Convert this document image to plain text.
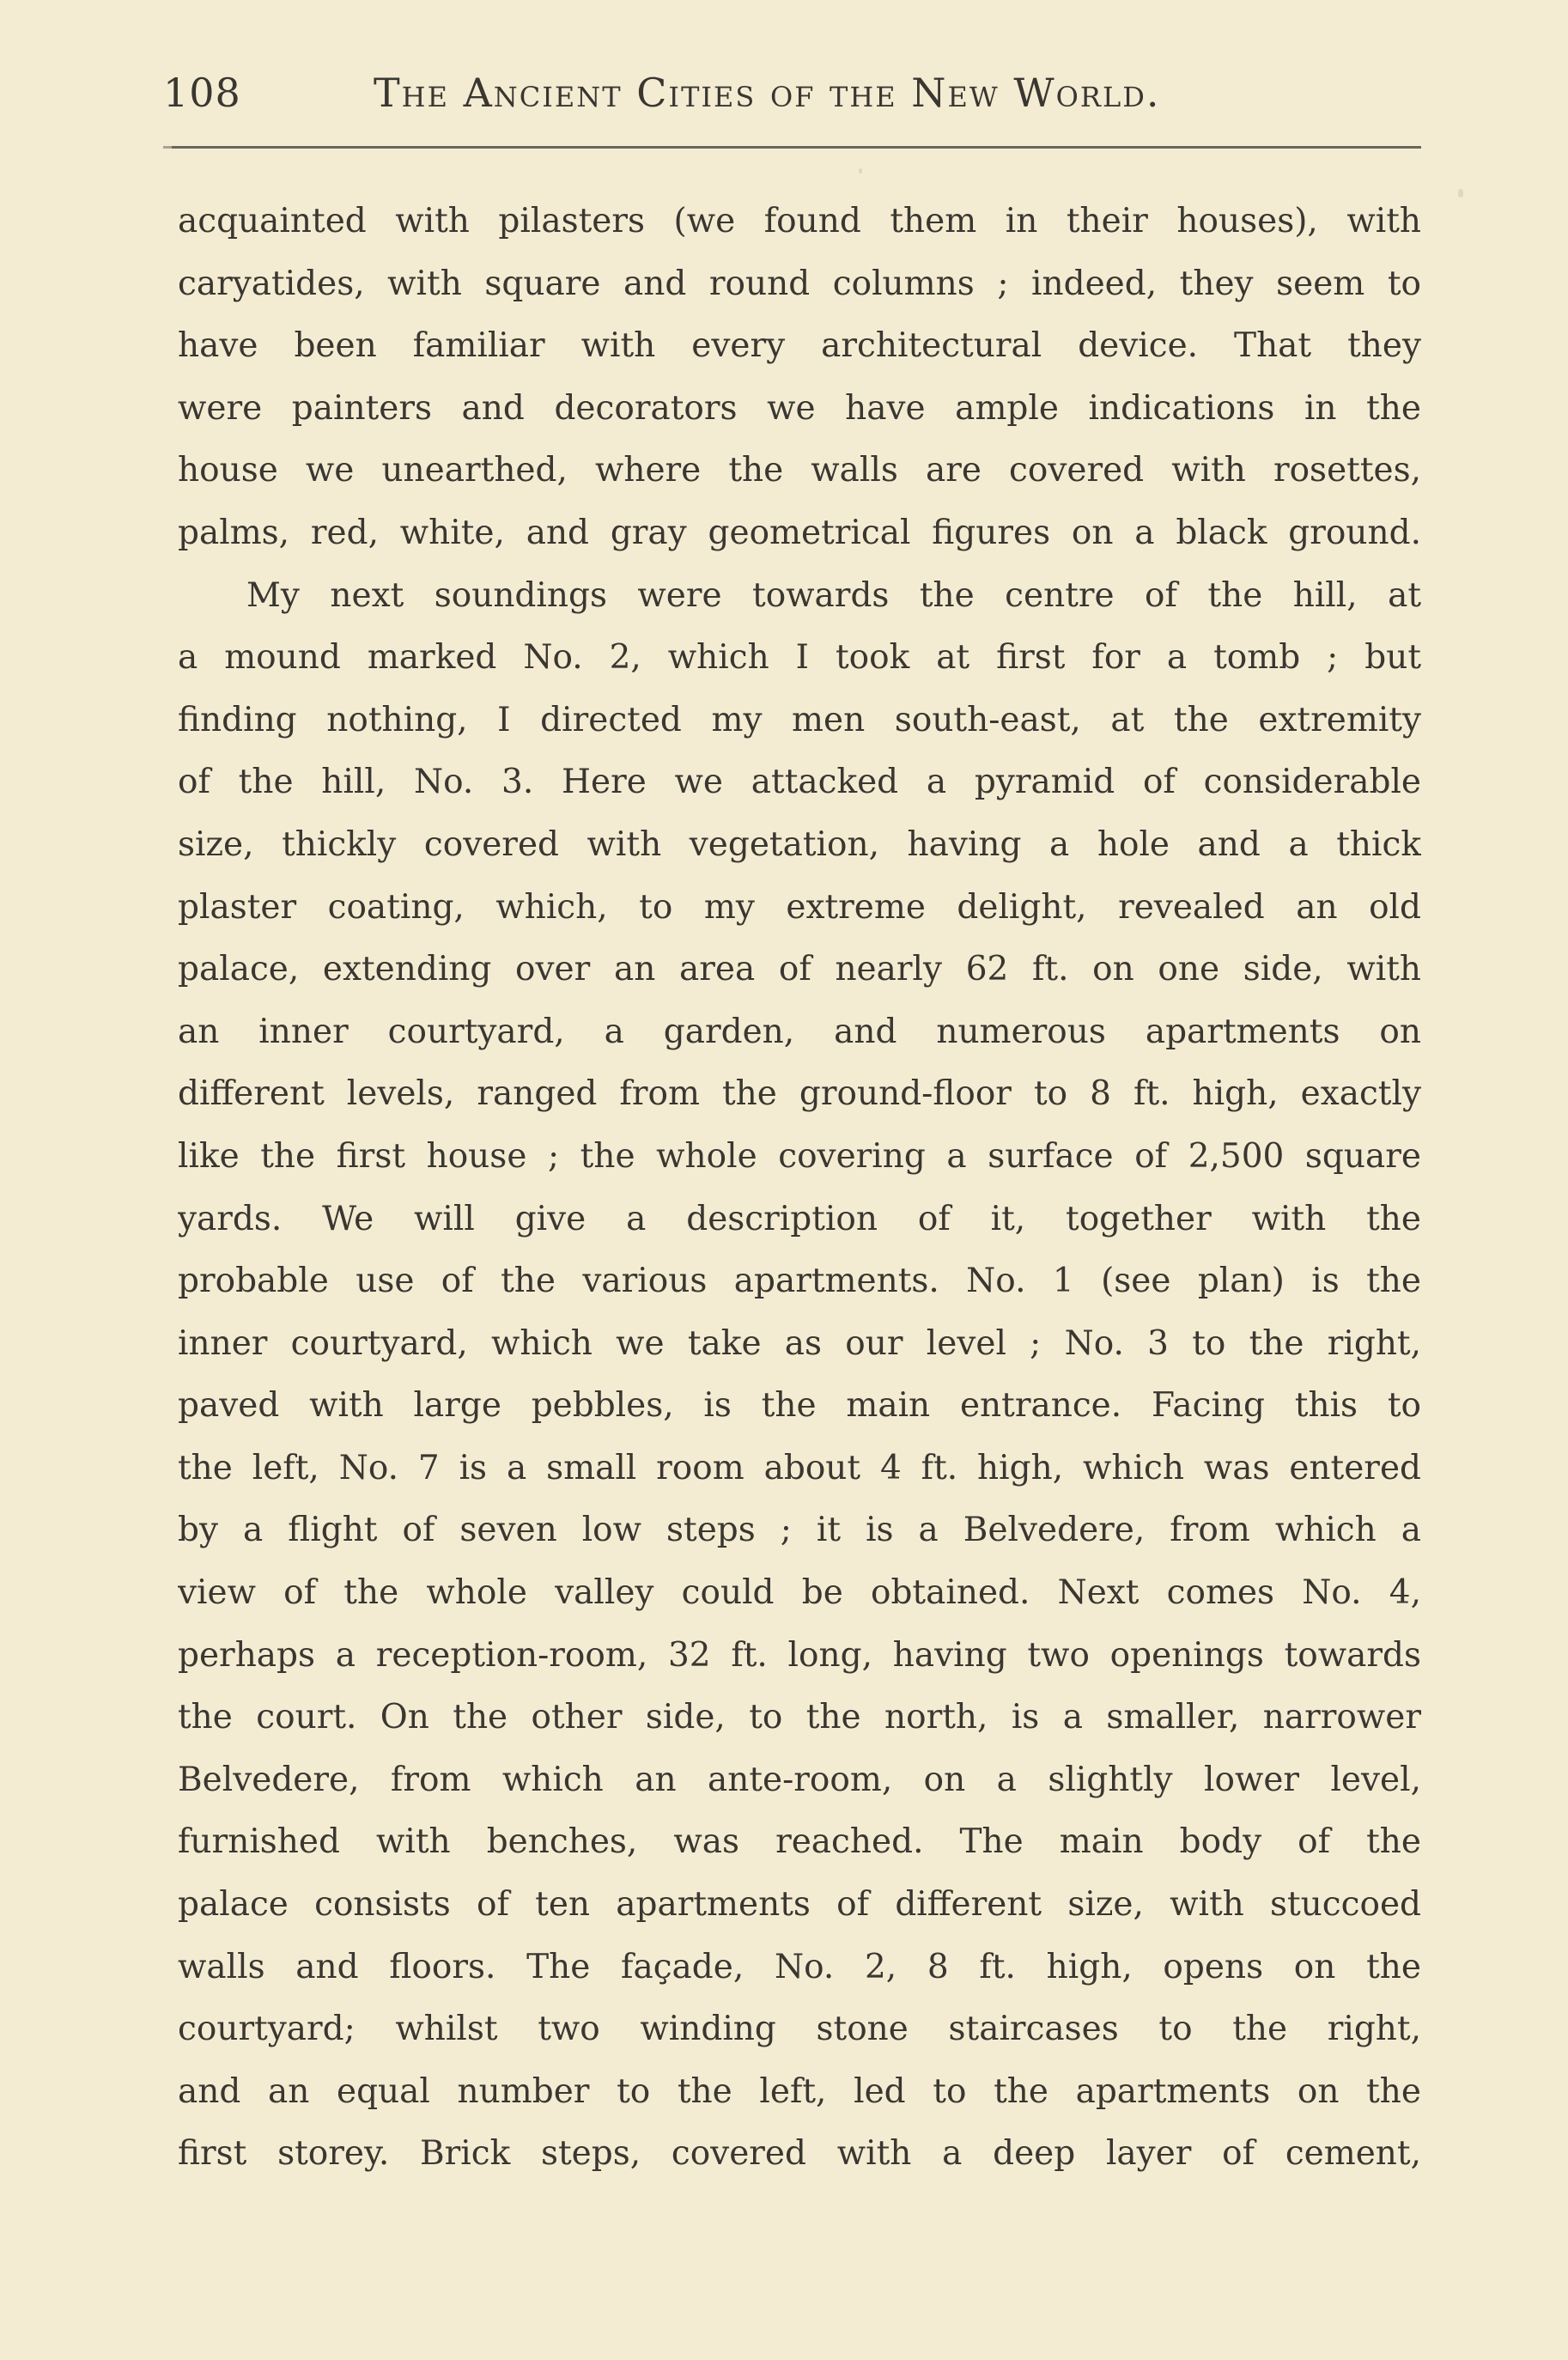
108	The Ancient Cities of the New World.
acquainted with pilasters (we found them in their houses), with
caryatides, with square and round columns ; indeed, they seem to
have been familiar with every architectural device. That they
were painters and decorators we have ample indications in the
house we unearthed, where the walls are covered with rosettes,
palms, red, white, and gray geometrical figures on a black ground.
My next soundings were towards the centre of the hill, at
a mound marked No. 2, which I took at first for a tomb ; but
finding nothing, I directed my men south-east, at the extremity
of the hill, No. 3. Here we attacked a pyramid of considerable
size, thickly covered with vegetation, having a hole and a thick
plaster coating, which, to my extreme delight, revealed an old
palace, extending over an area of nearly 62 ft. on one side, with
an inner courtyard, a garden, and numerous apartments on
different levels, ranged from the ground-floor to 8 ft. high, exactly
like the first house ; the whole covering a surface of 2,500 square
yards. We will give a description of it, together with the
probable use of the various apartments. No. 1 (see plan) is the
inner courtyard, which we take as our level ; No. 3 to the right,
paved with large pebbles, is the main entrance. Facing this to
the left, No. 7 is a small room about 4 ft. high, which was entered
by a flight of seven low steps ; it is a Belvedere, from which a
view of the whole valley could be obtained. Next comes No. 4,
perhaps a reception-room, 32 ft. long, having two openings towards
the court. On the other side, to the north, is a smaller, narrower
Belvedere, from which an ante-room, on a slightly lower level,
furnished with benches, was reached. The main body of the
palace consists of ten apartments of different size, with stuccoed
walls and floors. The façade, No. 2, 8 ft. high, opens on the
courtyard; whilst two winding stone staircases to the right,
and an equal number to the left, led to the apartments on the
first storey. Brick steps, covered with a deep layer of cement,
